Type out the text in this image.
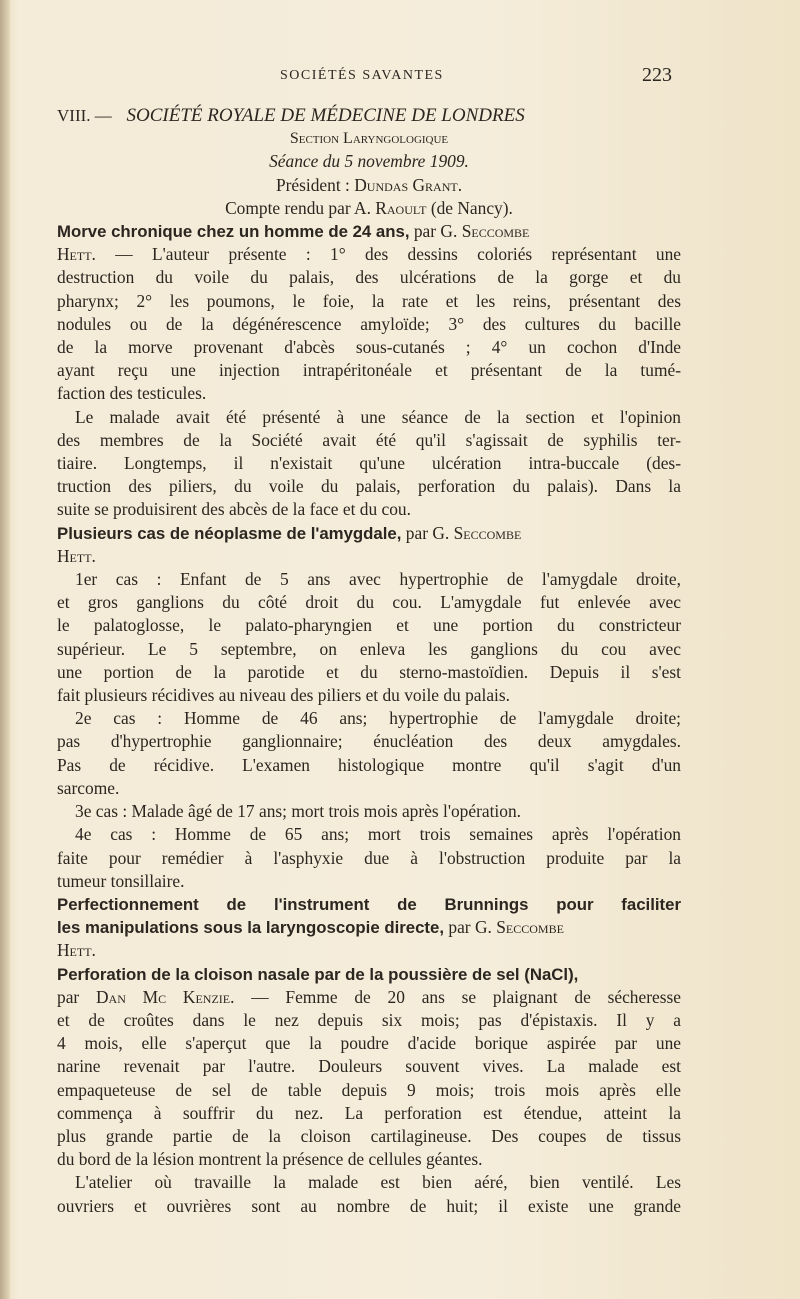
SOCIÉTÉS SAVANTES	223
VIII. — SOCIÉTÉ ROYALE DE MÉDECINE DE LONDRES
Section Laryngologique
Séance du 5 novembre 1909.
Président : Dundas Grant.
Compte rendu par A. Raoult (de Nancy).
Morve chronique chez un homme de 24 ans, par G. Seccombe
Hett. — L'auteur présente : 1° des dessins coloriés représentant une
destruction du voile du palais, des ulcérations de la gorge et du
pharynx; 2° les poumons, le foie, la rate et les reins, présentant des
nodules ou de la dégénérescence amyloïde; 3° des cultures du bacille
de la morve provenant d'abcès sous-cutanés ; 4° un cochon d'Inde
ayant reçu une injection intrapéritonéale et présentant de la tumé-
faction des testicules.
Le malade avait été présenté à une séance de la section et l'opinion
des membres de la Société avait été qu'il s'agissait de syphilis ter-
tiaire. Longtemps, il n'existait qu'une ulcération intra-buccale (des-
truction des piliers, du voile du palais, perforation du palais). Dans la
suite se produisirent des abcès de la face et du cou.
Plusieurs cas de néoplasme de l'amygdale, par G. Seccombe
Hett.
1er cas : Enfant de 5 ans avec hypertrophie de l'amygdale droite,
et gros ganglions du côté droit du cou. L'amygdale fut enlevée avec
le palatoglosse, le palato-pharyngien et une portion du constricteur
supérieur. Le 5 septembre, on enleva les ganglions du cou avec
une portion de la parotide et du sterno-mastoïdien. Depuis il s'est
fait plusieurs récidives au niveau des piliers et du voile du palais.
2e cas : Homme de 46 ans; hypertrophie de l'amygdale droite;
pas d'hypertrophie ganglionnaire; énucléation des deux amygdales.
Pas de récidive. L'examen histologique montre qu'il s'agit d'un
sarcome.
3e cas : Malade âgé de 17 ans; mort trois mois après l'opération.
4e cas : Homme de 65 ans; mort trois semaines après l'opération
faite pour remédier à l'asphyxie due à l'obstruction produite par la
tumeur tonsillaire.
Perfectionnement de l'instrument de Brunnings pour faciliter
les manipulations sous la laryngoscopie directe, par G. Seccombe
Hett.
Perforation de la cloison nasale par de la poussière de sel (NaCl),
par Dan Mc Kenzie. — Femme de 20 ans se plaignant de sécheresse
et de croûtes dans le nez depuis six mois; pas d'épistaxis. Il y a
4 mois, elle s'aperçut que la poudre d'acide borique aspirée par une
narine revenait par l'autre. Douleurs souvent vives. La malade est
empaqueteuse de sel de table depuis 9 mois; trois mois après elle
commença à souffrir du nez. La perforation est étendue, atteint la
plus grande partie de la cloison cartilagineuse. Des coupes de tissus
du bord de la lésion montrent la présence de cellules géantes.
L'atelier où travaille la malade est bien aéré, bien ventilé. Les
ouvriers et ouvrières sont au nombre de huit; il existe une grande
